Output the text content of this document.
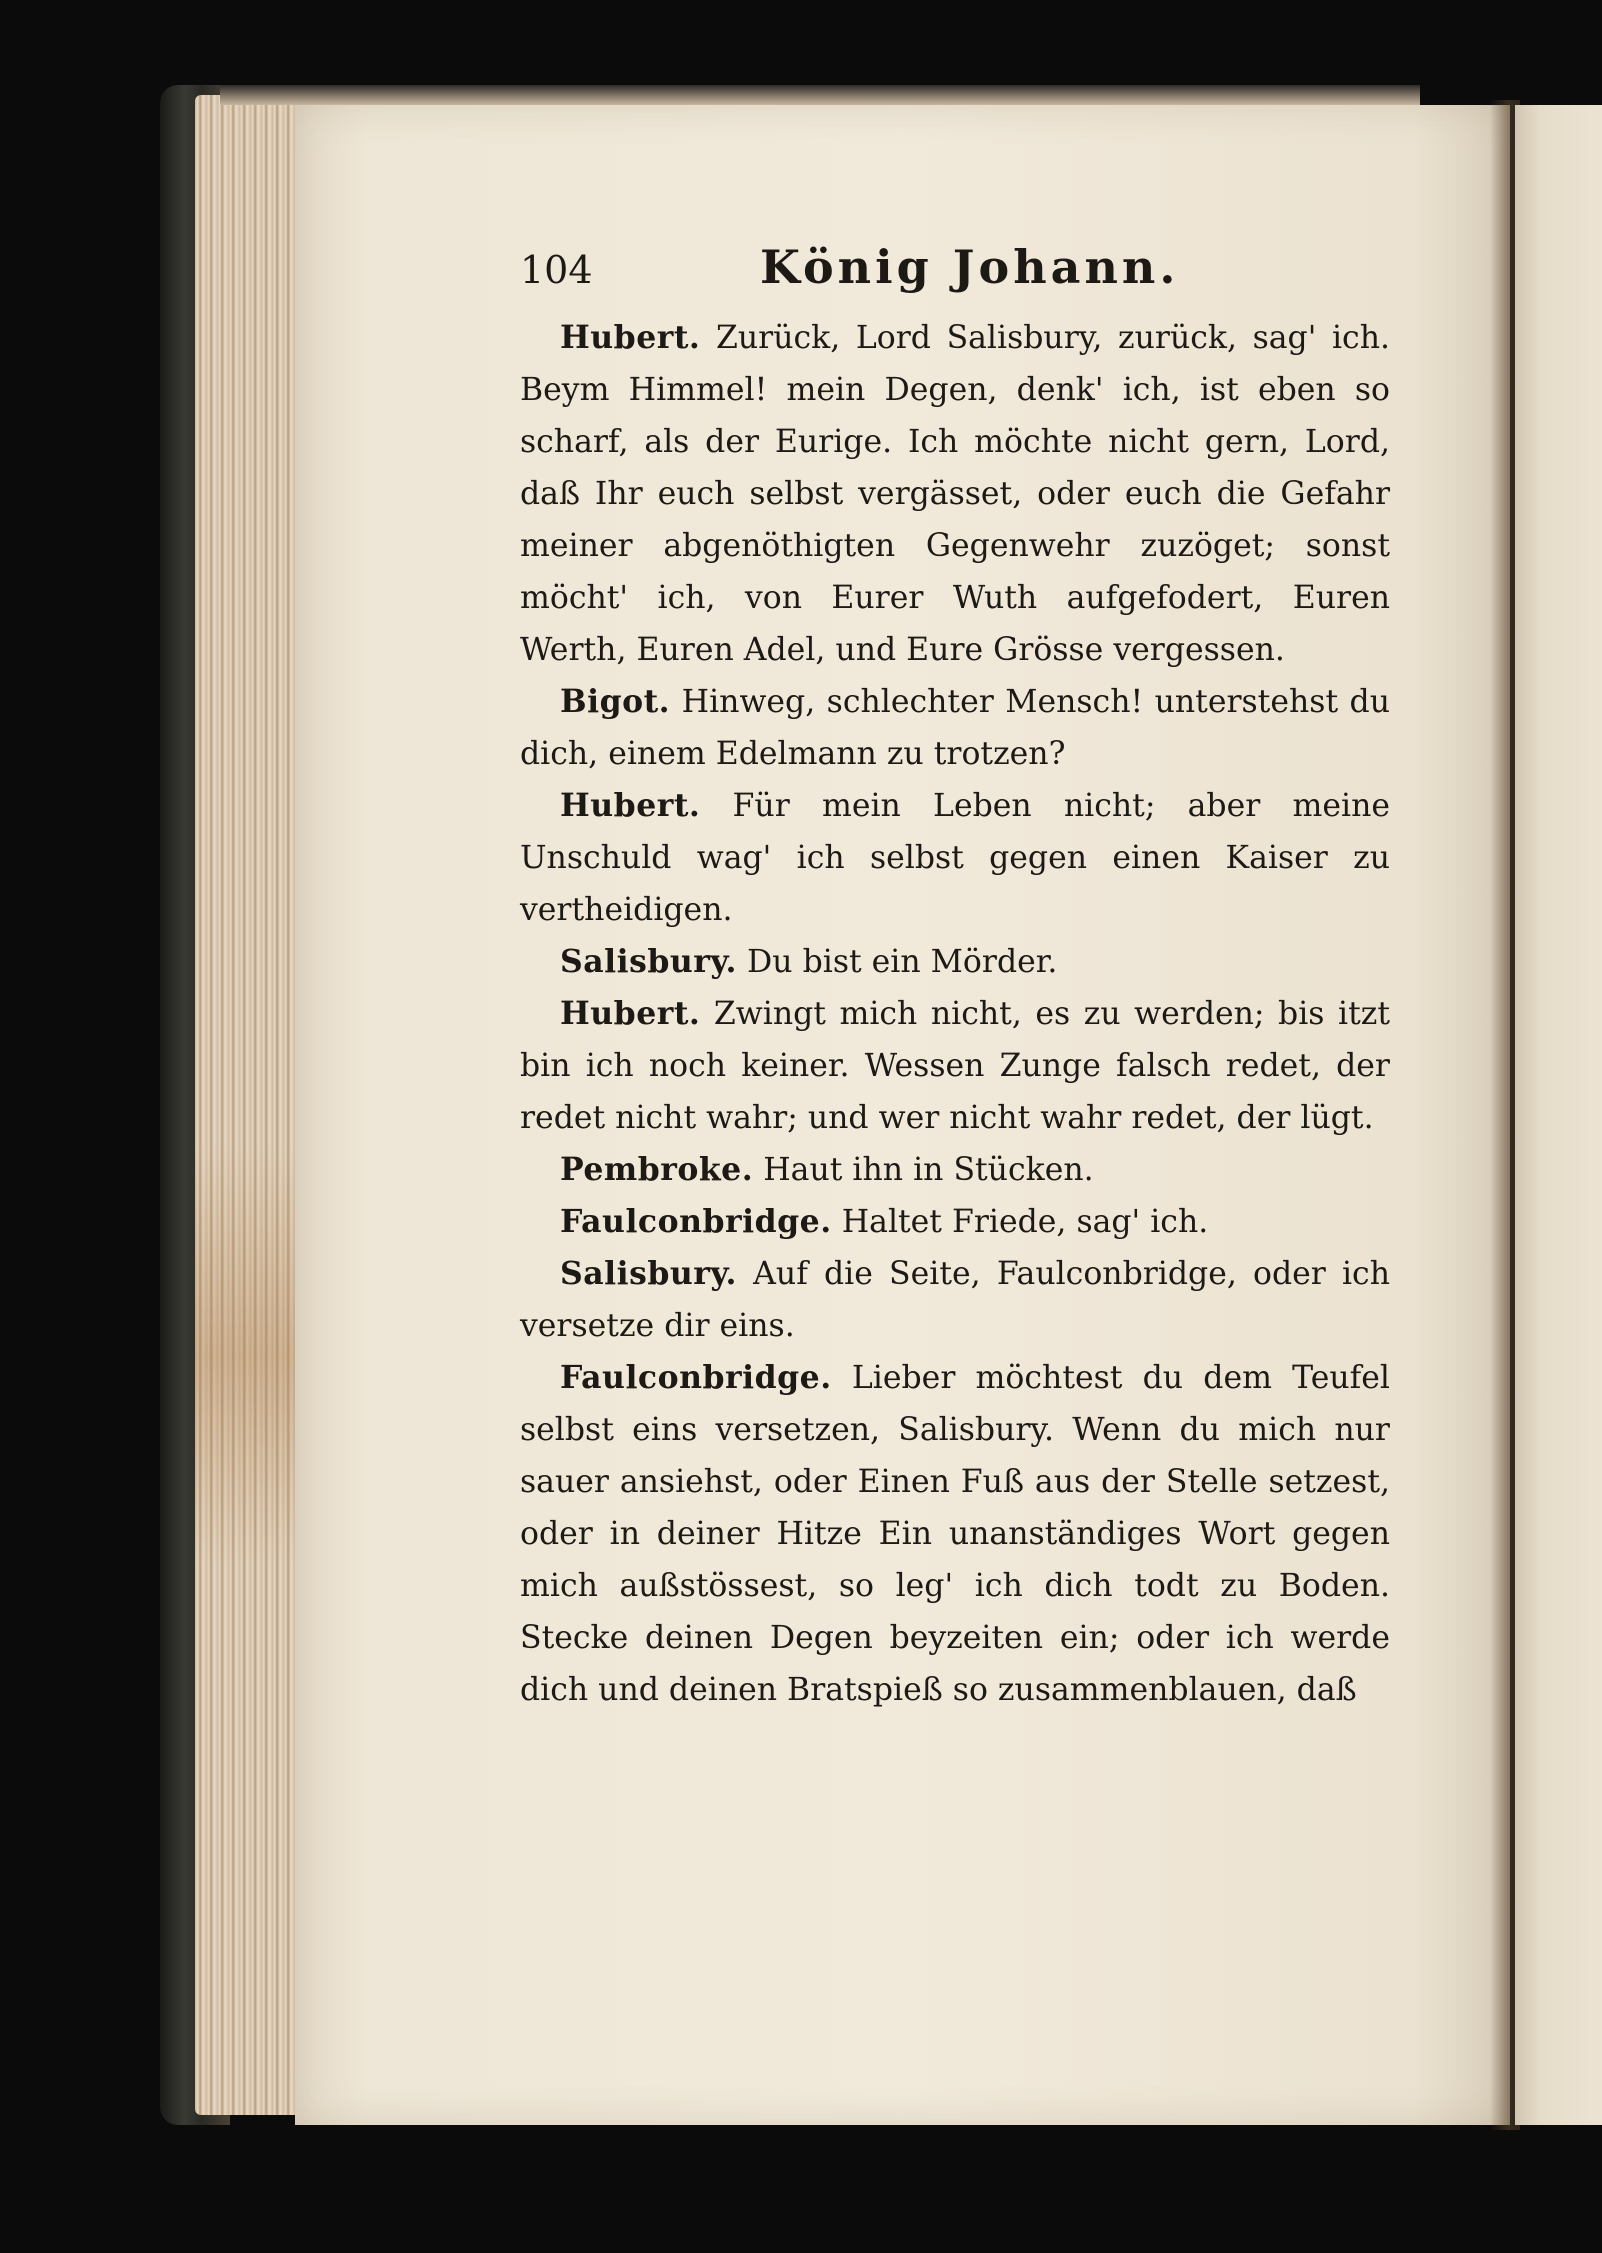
104	König Johann.

Hubert. Zurück, Lord Salisbury, zurück, sag' ich. Beym Himmel! mein Degen, denk' ich, ist eben so scharf, als der Eurige. Ich möchte nicht gern, Lord, daß Ihr euch selbst vergässet, oder euch die Gefahr meiner abgenöthigten Gegenwehr zuzöget; sonst möcht' ich, von Eurer Wuth aufgefodert, Euren Werth, Euren Adel, und Eure Grösse vergessen.

Bigot. Hinweg, schlechter Mensch! unterstehst du dich, einem Edelmann zu trotzen?

Hubert. Für mein Leben nicht; aber meine Unschuld wag' ich selbst gegen einen Kaiser zu vertheidigen.

Salisbury. Du bist ein Mörder.

Hubert. Zwingt mich nicht, es zu werden; bis itzt bin ich noch keiner. Wessen Zunge falsch redet, der redet nicht wahr; und wer nicht wahr redet, der lügt.

Pembroke. Haut ihn in Stücken.

Faulconbridge. Haltet Friede, sag' ich.

Salisbury. Auf die Seite, Faulconbridge, oder ich versetze dir eins.

Faulconbridge. Lieber möchtest du dem Teufel selbst eins versetzen, Salisbury. Wenn du mich nur sauer ansiehst, oder Einen Fuß aus der Stelle setzest, oder in deiner Hitze Ein unanständiges Wort gegen mich außstössest, so leg' ich dich todt zu Boden. Stecke deinen Degen beyzeiten ein; oder ich werde dich und deinen Bratspieß so zusammenblauen, daß
